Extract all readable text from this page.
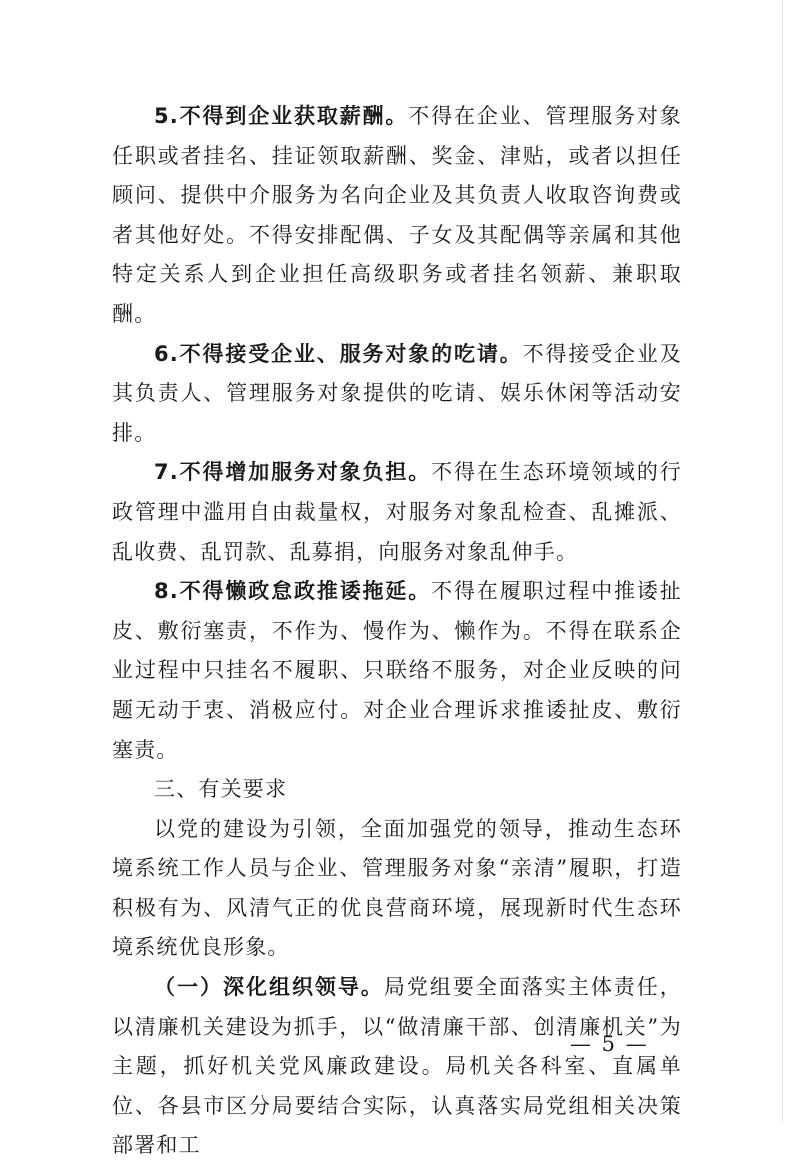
5.不得到企业获取薪酬。不得在企业、管理服务对象任职或者挂名、挂证领取薪酬、奖金、津贴，或者以担任顾问、提供中介服务为名向企业及其负责人收取咨询费或者其他好处。不得安排配偶、子女及其配偶等亲属和其他特定关系人到企业担任高级职务或者挂名领薪、兼职取酬。

6.不得接受企业、服务对象的吃请。不得接受企业及其负责人、管理服务对象提供的吃请、娱乐休闲等活动安排。

7.不得增加服务对象负担。不得在生态环境领域的行政管理中滥用自由裁量权，对服务对象乱检查、乱摊派、乱收费、乱罚款、乱募捐，向服务对象乱伸手。

8.不得懒政怠政推诿拖延。不得在履职过程中推诿扯皮、敷衍塞责，不作为、慢作为、懒作为。不得在联系企业过程中只挂名不履职、只联络不服务，对企业反映的问题无动于衷、消极应付。对企业合理诉求推诿扯皮、敷衍塞责。

三、有关要求

以党的建设为引领，全面加强党的领导，推动生态环境系统工作人员与企业、管理服务对象“亲清”履职，打造积极有为、风清气正的优良营商环境，展现新时代生态环境系统优良形象。

（一）深化组织领导。局党组要全面落实主体责任，以清廉机关建设为抓手，以“做清廉干部、创清廉机关”为主题，抓好机关党风廉政建设。局机关各科室、直属单位、各县市区分局要结合实际，认真落实局党组相关决策部署和工

— 5 —
